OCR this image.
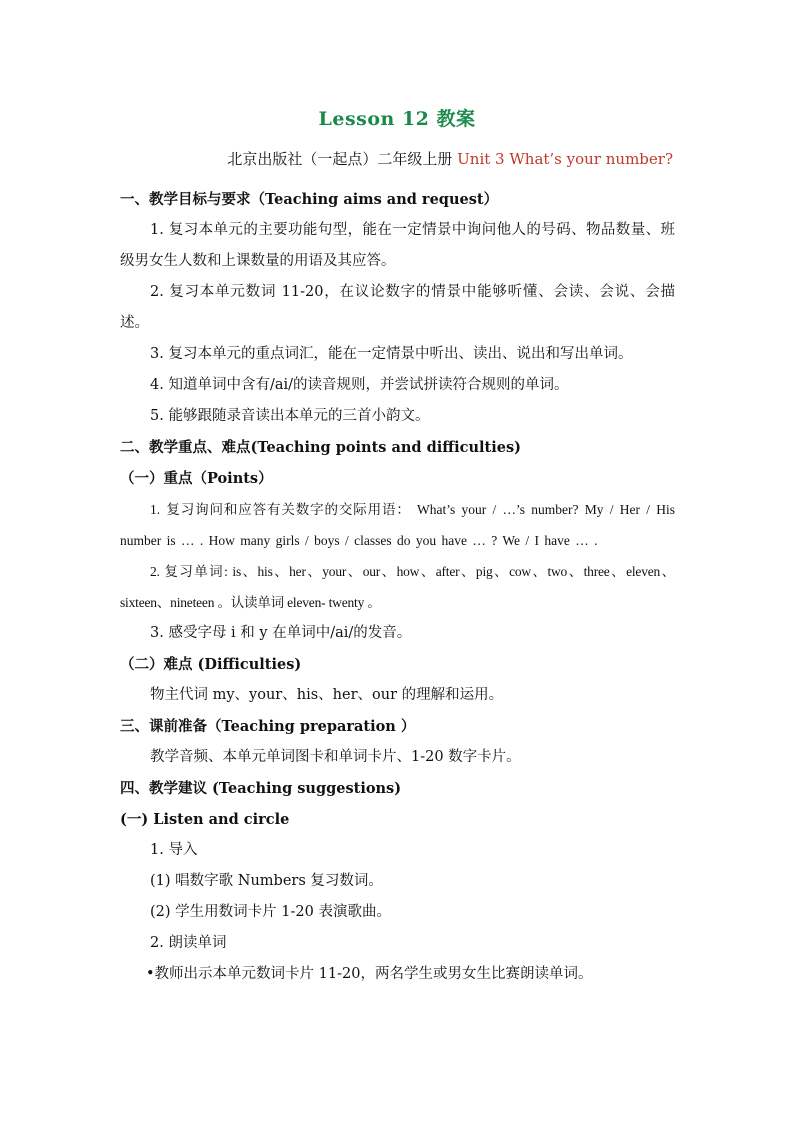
Lesson 12 教案
北京出版社（一起点）二年级上册 Unit 3 What’s your number?
一、教学目标与要求（Teaching aims and request）
1. 复习本单元的主要功能句型，能在一定情景中询问他人的号码、物品数量、班级男女生人数和上课数量的用语及其应答。
2. 复习本单元数词 11-20，在议论数字的情景中能够听懂、会读、会说、会描述。
3. 复习本单元的重点词汇，能在一定情景中听出、读出、说出和写出单词。
4. 知道单词中含有/ai/的读音规则，并尝试拼读符合规则的单词。
5. 能够跟随录音读出本单元的三首小韵文。
二、教学重点、难点(Teaching points and difficulties)
（一）重点（Points）
1. 复习询问和应答有关数字的交际用语： What’s your / …’s number? My / Her / His number is … . How many girls / boys / classes do you have … ? We / I have … .
2. 复习单词: is、his、her、your、our、how、after、pig、cow、two、three、eleven、sixteen、nineteen 。认读单词 eleven- twenty 。
3. 感受字母 i 和 y 在单词中/ai/的发音。
（二）难点 (Difficulties)
物主代词 my、your、his、her、our 的理解和运用。
三、课前准备（Teaching preparation ）
教学音频、本单元单词图卡和单词卡片、1-20 数字卡片。
四、教学建议 (Teaching suggestions)
(一) Listen and circle
1. 导入
(1) 唱数字歌 Numbers 复习数词。
(2) 学生用数词卡片 1-20 表演歌曲。
2. 朗读单词
•教师出示本单元数词卡片 11-20，两名学生或男女生比赛朗读单词。
